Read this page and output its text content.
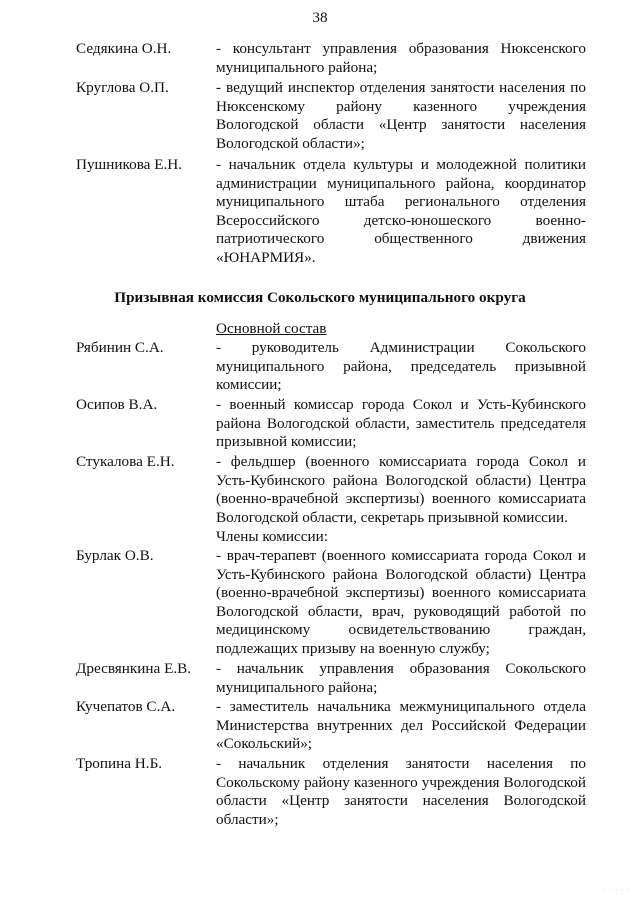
38
Седякина О.Н.	- консультант управления образования Нюксенского муниципального района;
Круглова О.П.	- ведущий инспектор отделения занятости населения по Нюксенскому району казенного учреждения Вологодской области «Центр занятости населения Вологодской области»;
Пушникова Е.Н. - начальник отдела культуры и молодежной политики администрации муниципального района, координатор муниципального штаба регионального отделения Всероссийского детско-юношеского военно-патриотического общественного движения «ЮНАРМИЯ».
Призывная комиссия Сокольского муниципального округа
Основной состав
Рябинин С.А.	- руководитель Администрации Сокольского муниципального района, председатель призывной комиссии;
Осипов В.А.	- военный комиссар города Сокол и Усть-Кубинского района Вологодской области, заместитель председателя призывной комиссии;
Стукалова Е.Н.	- фельдшер (военного комиссариата города Сокол и Усть-Кубинского района Вологодской области) Центра (военно-врачебной экспертизы) военного комиссариата Вологодской области, секретарь призывной комиссии.
Члены комиссии:
Бурлак О.В.	- врач-терапевт (военного комиссариата города Сокол и Усть-Кубинского района Вологодской области) Центра (военно-врачебной экспертизы) военного комиссариата Вологодской области, врач, руководящий работой по медицинскому освидетельствованию граждан, подлежащих призыву на военную службу;
Дресвянкина Е.В. - начальник управления образования Сокольского муниципального района;
Кучепатов С.А.	- заместитель начальника межмуниципального отдела Министерства внутренних дел Российской Федерации «Сокольский»;
Тропина Н.Б.	- начальник отделения занятости населения по Сокольскому району казенного учреждения Вологодской области «Центр занятости населения Вологодской области»;
· · · · ·
